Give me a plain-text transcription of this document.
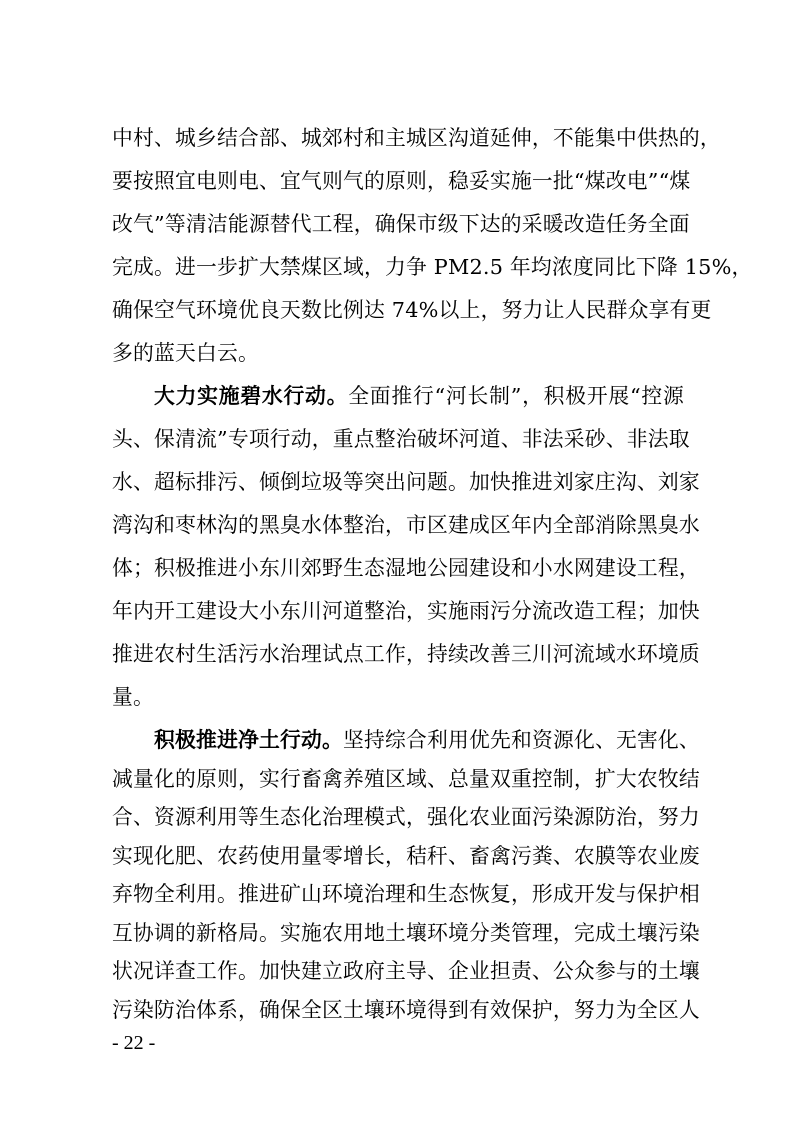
中村、城乡结合部、城郊村和主城区沟道延伸，不能集中供热的，
要按照宜电则电、宜气则气的原则，稳妥实施一批“煤改电”“煤
改气”等清洁能源替代工程，确保市级下达的采暖改造任务全面
完成。进一步扩大禁煤区域，力争 PM2.5 年均浓度同比下降 15%，
确保空气环境优良天数比例达 74%以上，努力让人民群众享有更
多的蓝天白云。
大力实施碧水行动。全面推行“河长制”，积极开展“控源
头、保清流”专项行动，重点整治破坏河道、非法采砂、非法取
水、超标排污、倾倒垃圾等突出问题。加快推进刘家庄沟、刘家
湾沟和枣林沟的黑臭水体整治，市区建成区年内全部消除黑臭水
体；积极推进小东川郊野生态湿地公园建设和小水网建设工程，
年内开工建设大小东川河道整治，实施雨污分流改造工程；加快
推进农村生活污水治理试点工作，持续改善三川河流域水环境质
量。
积极推进净土行动。坚持综合利用优先和资源化、无害化、
减量化的原则，实行畜禽养殖区域、总量双重控制，扩大农牧结
合、资源利用等生态化治理模式，强化农业面污染源防治，努力
实现化肥、农药使用量零增长，秸秆、畜禽污粪、农膜等农业废
弃物全利用。推进矿山环境治理和生态恢复，形成开发与保护相
互协调的新格局。实施农用地土壤环境分类管理，完成土壤污染
状况详查工作。加快建立政府主导、企业担责、公众参与的土壤
污染防治体系，确保全区土壤环境得到有效保护，努力为全区人
- 22 -
